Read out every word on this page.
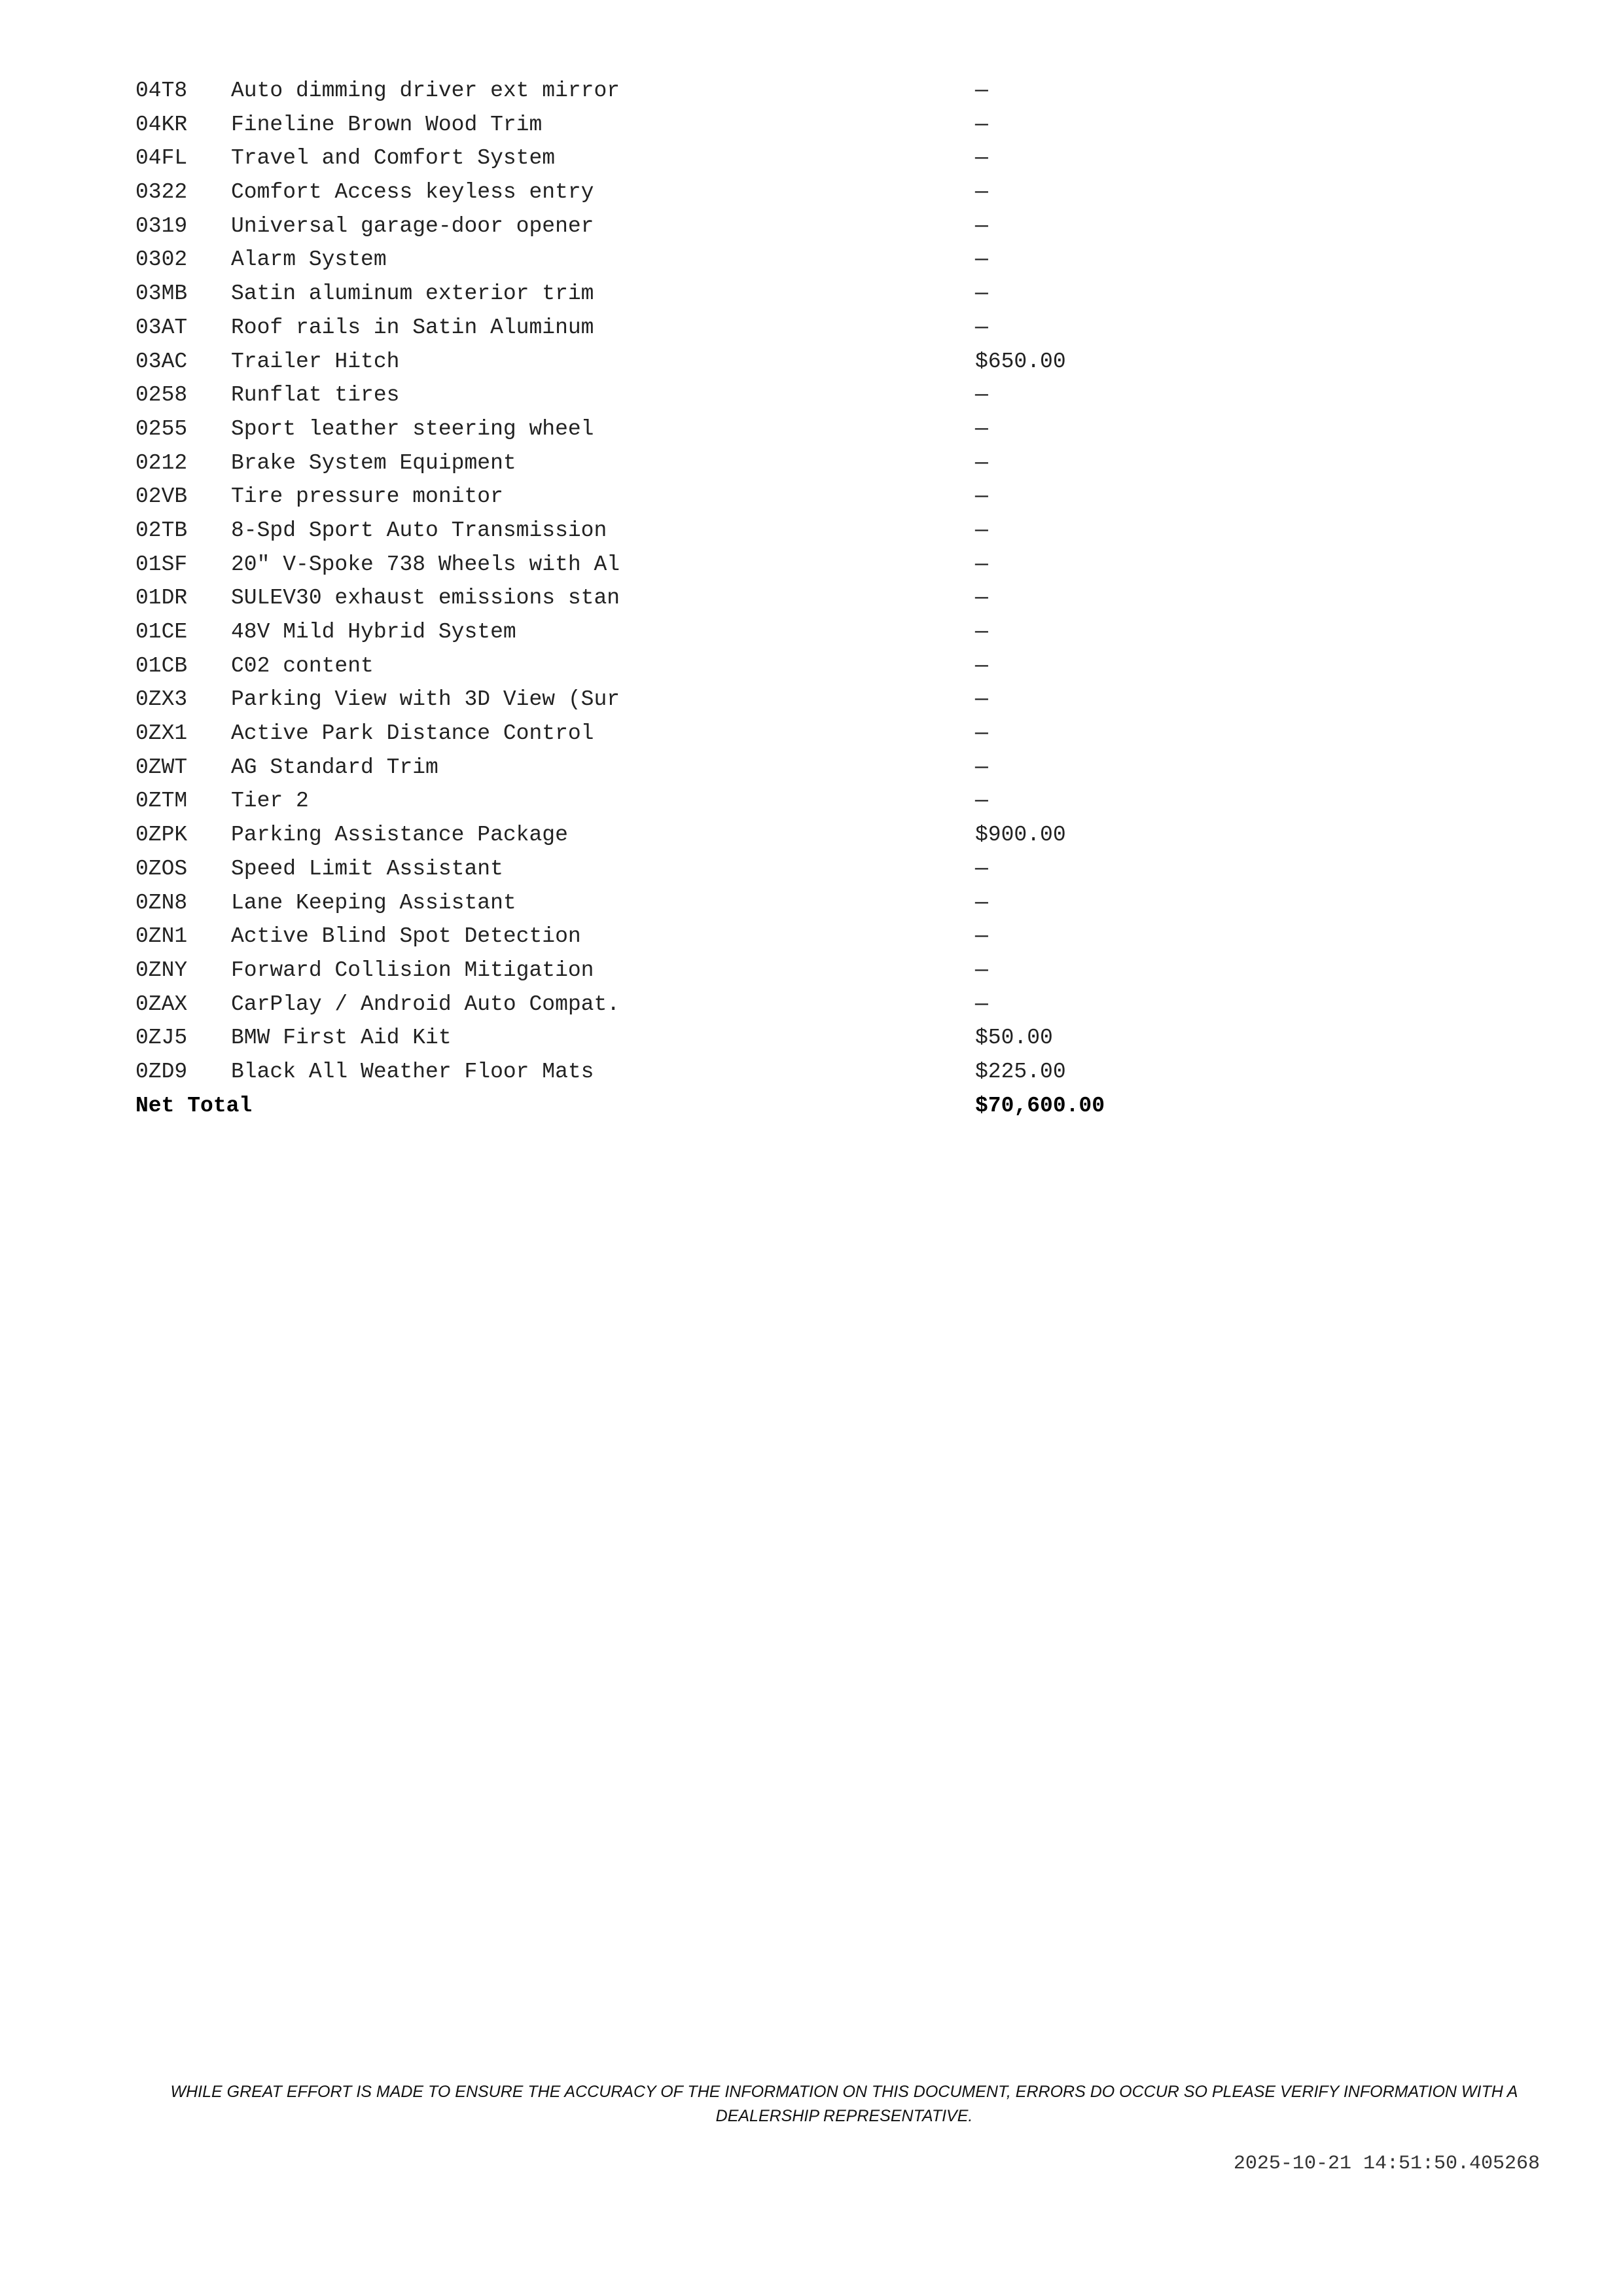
04T8 Auto dimming driver ext mirror	—
04KR Fineline Brown Wood Trim	—
04FL Travel and Comfort System	—
0322 Comfort Access keyless entry	—
0319 Universal garage-door opener	—
0302 Alarm System	—
03MB Satin aluminum exterior trim	—
03AT Roof rails in Satin Aluminum	—
03AC Trailer Hitch	$650.00
0258 Runflat tires	—
0255 Sport leather steering wheel	—
0212 Brake System Equipment	—
02VB Tire pressure monitor	—
02TB 8-Spd Sport Auto Transmission	—
01SF 20" V-Spoke 738 Wheels with Al	—
01DR SULEV30 exhaust emissions stan	—
01CE 48V Mild Hybrid System	—
01CB C02 content	—
0ZX3 Parking View with 3D View (Sur	—
0ZX1 Active Park Distance Control	—
0ZWT AG Standard Trim	—
0ZTM Tier 2	—
0ZPK Parking Assistance Package	$900.00
0ZOS Speed Limit Assistant	—
0ZN8 Lane Keeping Assistant	—
0ZN1 Active Blind Spot Detection	—
0ZNY Forward Collision Mitigation	—
0ZAX CarPlay / Android Auto Compat.	—
0ZJ5 BMW First Aid Kit	$50.00
0ZD9 Black All Weather Floor Mats	$225.00
Net Total	$70,600.00
WHILE GREAT EFFORT IS MADE TO ENSURE THE ACCURACY OF THE INFORMATION ON THIS DOCUMENT, ERRORS DO OCCUR SO PLEASE VERIFY INFORMATION WITH A DEALERSHIP REPRESENTATIVE.
2025-10-21 14:51:50.405268
